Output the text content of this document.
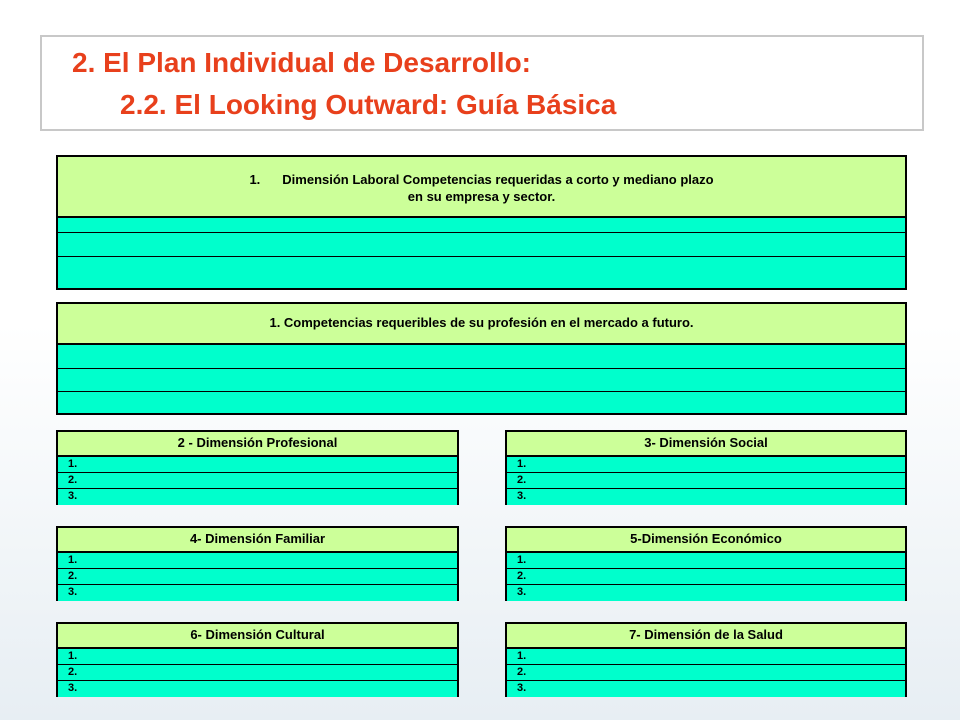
2. El Plan Individual de Desarrollo:
2.2. El Looking Outward: Guía Básica
1. Dimensión Laboral Competencias requeridas a corto y mediano plazo
en su empresa y sector.
1. Competencias requeribles de su profesión en el mercado a futuro.
2 - Dimensión Profesional
1.
2.
3.
3- Dimensión Social
1.
2.
3.
4- Dimensión Familiar
1.
2.
3.
5-Dimensión Económico
1.
2.
3.
6- Dimensión Cultural
1.
2.
3.
7- Dimensión de la Salud
1.
2.
3.
